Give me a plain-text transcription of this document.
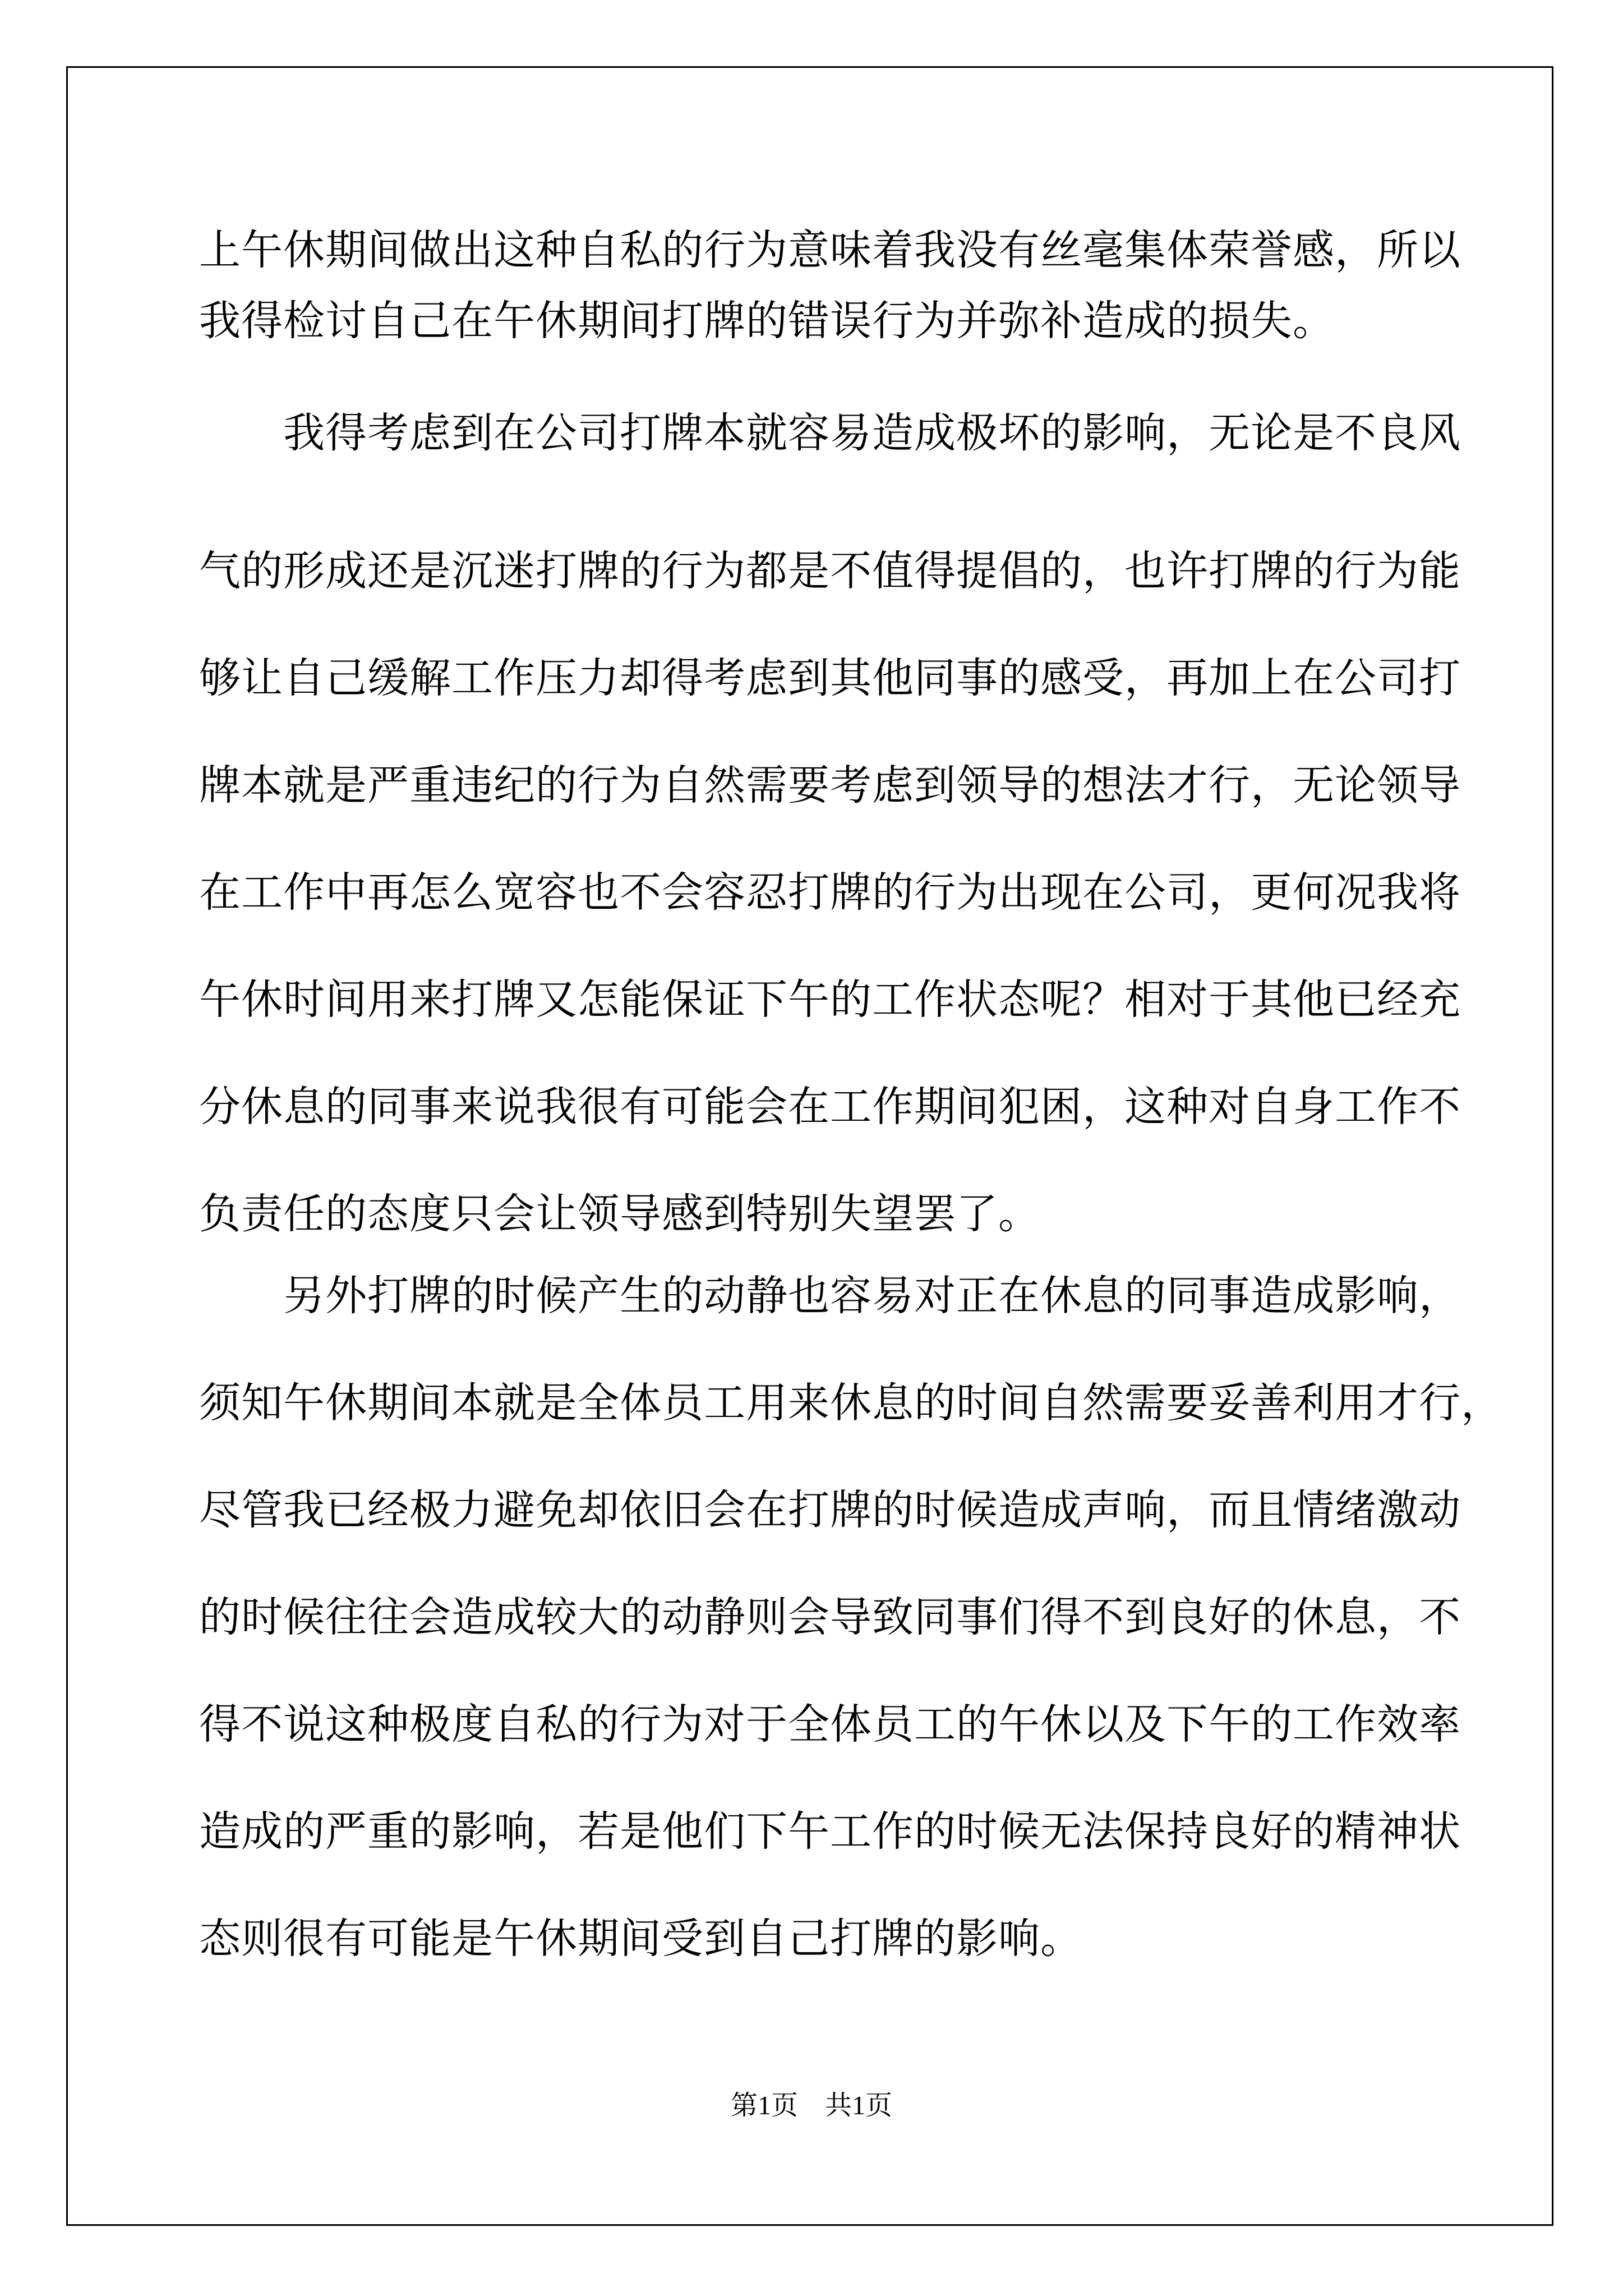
上午休期间做出这种自私的行为意味着我没有丝毫集体荣誉感，所以
我得检讨自己在午休期间打牌的错误行为并弥补造成的损失。
　　我得考虑到在公司打牌本就容易造成极坏的影响，无论是不良风
气的形成还是沉迷打牌的行为都是不值得提倡的，也许打牌的行为能
够让自己缓解工作压力却得考虑到其他同事的感受，再加上在公司打
牌本就是严重违纪的行为自然需要考虑到领导的想法才行，无论领导
在工作中再怎么宽容也不会容忍打牌的行为出现在公司，更何况我将
午休时间用来打牌又怎能保证下午的工作状态呢？相对于其他已经充
分休息的同事来说我很有可能会在工作期间犯困，这种对自身工作不
负责任的态度只会让领导感到特别失望罢了。
　　另外打牌的时候产生的动静也容易对正在休息的同事造成影响，
须知午休期间本就是全体员工用来休息的时间自然需要妥善利用才行，
尽管我已经极力避免却依旧会在打牌的时候造成声响，而且情绪激动
的时候往往会造成较大的动静则会导致同事们得不到良好的休息，不
得不说这种极度自私的行为对于全体员工的午休以及下午的工作效率
造成的严重的影响，若是他们下午工作的时候无法保持良好的精神状
态则很有可能是午休期间受到自己打牌的影响。
第1页　共1页
